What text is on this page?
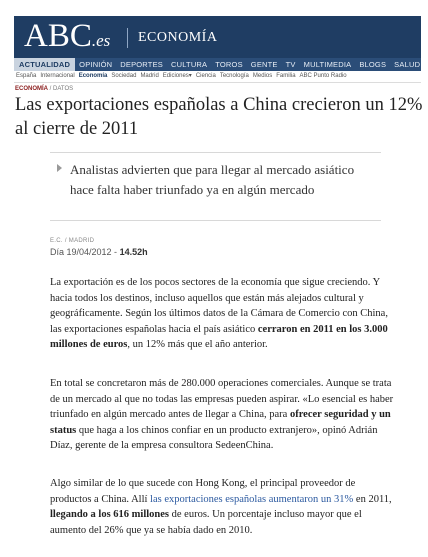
ABC.es ECONOMÍA
ACTUALIDAD	OPINIÓN	DEPORTES	CULTURA	TOROS	GENTE	TV	MULTIMEDIA	BLOGS	SALUD
España Internacional Economía Sociedad Madrid Ediciones▾ Ciencia Tecnología Medios Familia ABC Punto Radio
ECONOMÍA / DATOS
Las exportaciones españolas a China crecieron un 12% al cierre de 2011

Analistas advierten que para llegar al mercado asiático hace falta haber triunfado ya en algún mercado

E.C. / MADRID
Día 19/04/2012 - 14.52h

La exportación es de los pocos sectores de la economía que sigue creciendo. Y hacia todos los destinos, incluso aquellos que están más alejados cultural y geográficamente. Según los últimos datos de la Cámara de Comercio con China, las exportaciones españolas hacia el país asiático cerraron en 2011 en los 3.000 millones de euros, un 12% más que el año anterior.

En total se concretaron más de 280.000 operaciones comerciales. Aunque se trata de un mercado al que no todas las empresas pueden aspirar. «Lo esencial es haber triunfado en algún mercado antes de llegar a China, para ofrecer seguridad y un status que haga a los chinos confiar en un producto extranjero», opinó Adrián Díaz, gerente de la empresa consultora SedeenChina.

Algo similar de lo que sucede con Hong Kong, el principal proveedor de productos a China. Allí las exportaciones españolas aumentaron un 31% en 2011, llegando a los 616 millones de euros. Un porcentaje incluso mayor que el aumento del 26% que ya se había dado en 2010.
